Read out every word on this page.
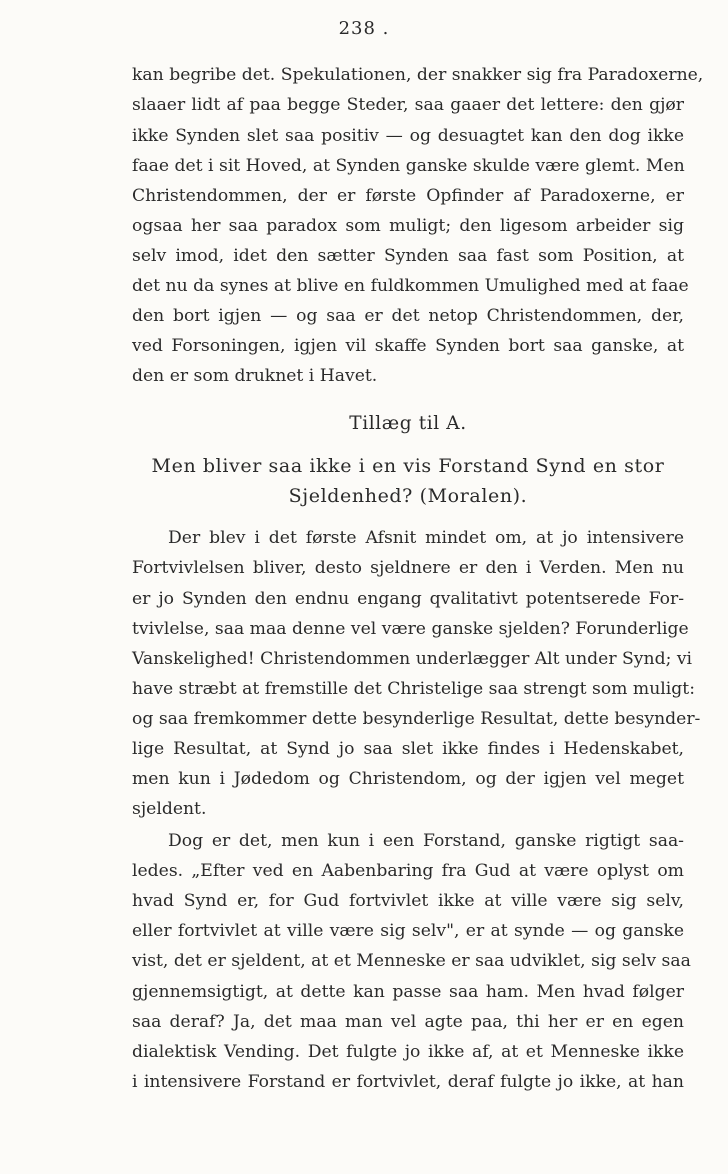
238 .
kan begribe det. Spekulationen, der snakker sig fra Paradoxerne,
slaaer lidt af paa begge Steder, saa gaaer det lettere: den gjør
ikke Synden slet saa positiv — og desuagtet kan den dog ikke
faae det i sit Hoved, at Synden ganske skulde være glemt. Men
Christendommen, der er første Opfinder af Paradoxerne, er
ogsaa her saa paradox som muligt; den ligesom arbeider sig
selv imod, idet den sætter Synden saa fast som Position, at
det nu da synes at blive en fuldkommen Umulighed med at faae
den bort igjen — og saa er det netop Christendommen, der,
ved Forsoningen, igjen vil skaffe Synden bort saa ganske, at
den er som druknet i Havet.
Tillæg til A.
Men bliver saa ikke i en vis Forstand Synd en stor
Sjeldenhed? (Moralen).
Der blev i det første Afsnit mindet om, at jo intensivere
Fortvivlelsen bliver, desto sjeldnere er den i Verden. Men nu
er jo Synden den endnu engang qvalitativt potentserede For-
tvivlelse, saa maa denne vel være ganske sjelden? Forunderlige
Vanskelighed! Christendommen underlægger Alt under Synd; vi
have stræbt at fremstille det Christelige saa strengt som muligt:
og saa fremkommer dette besynderlige Resultat, dette besynder-
lige Resultat, at Synd jo saa slet ikke findes i Hedenskabet,
men kun i Jødedom og Christendom, og der igjen vel meget
sjeldent.
Dog er det, men kun i een Forstand, ganske rigtigt saa-
ledes. „Efter ved en Aabenbaring fra Gud at være oplyst om
hvad Synd er, for Gud fortvivlet ikke at ville være sig selv,
eller fortvivlet at ville være sig selv", er at synde — og ganske
vist, det er sjeldent, at et Menneske er saa udviklet, sig selv saa
gjennemsigtigt, at dette kan passe saa ham. Men hvad følger
saa deraf? Ja, det maa man vel agte paa, thi her er en egen
dialektisk Vending. Det fulgte jo ikke af, at et Menneske ikke
i intensivere Forstand er fortvivlet, deraf fulgte jo ikke, at han
